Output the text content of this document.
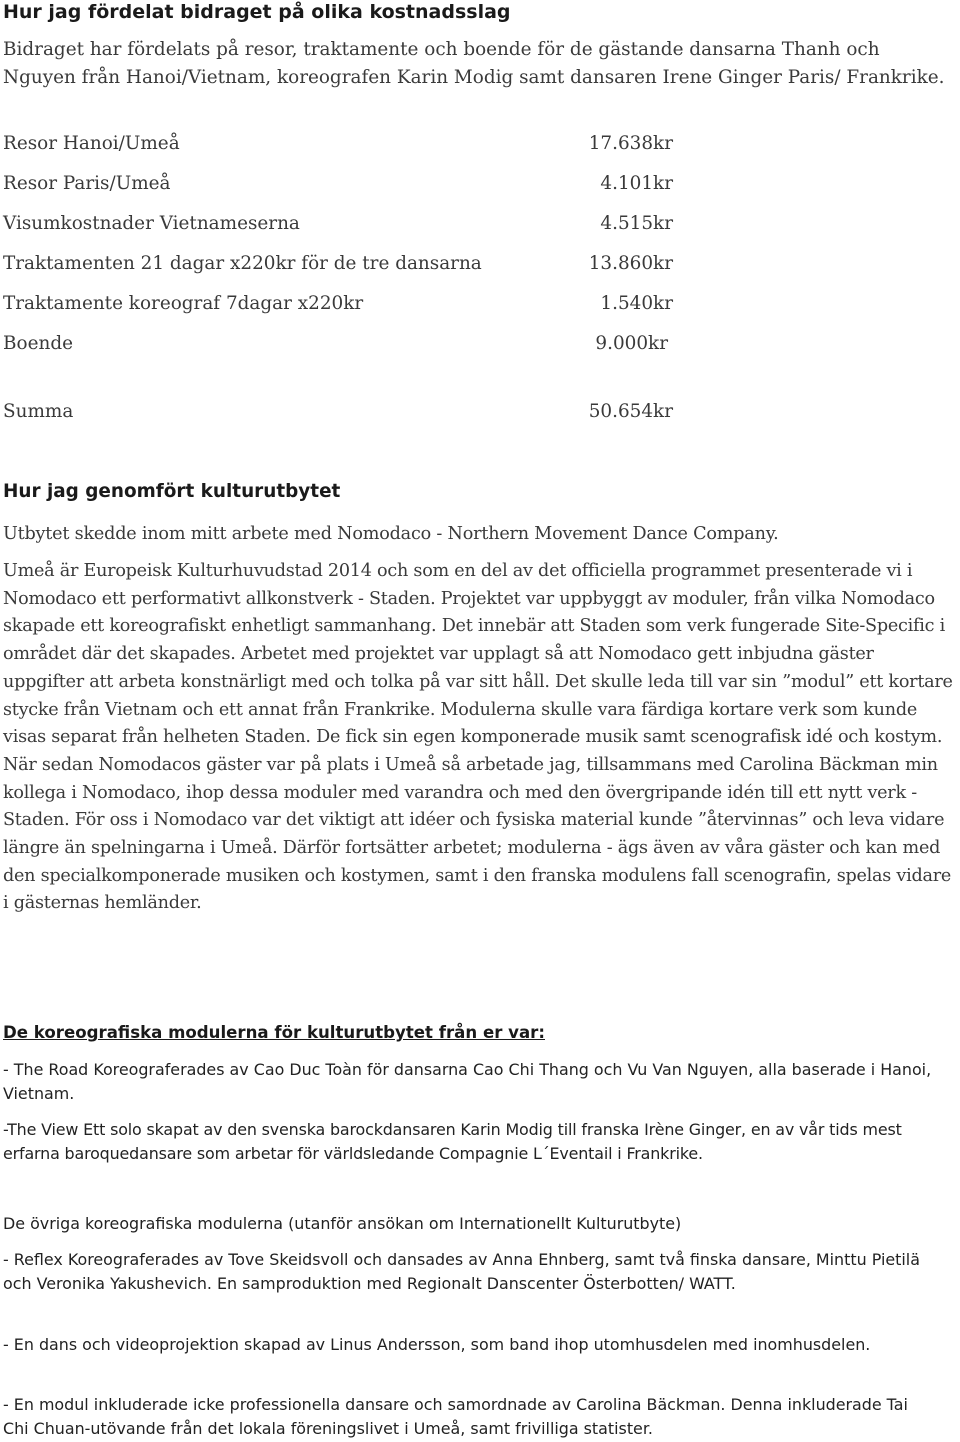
Hur jag fördelat bidraget på olika kostnadsslag

Bidraget har fördelats på resor, traktamente och boende för de gästande dansarna Thanh och Nguyen från Hanoi/Vietnam, koreografen Karin Modig samt dansaren Irene Ginger Paris/ Frankrike.

Resor Hanoi/Umeå	17.638kr

Resor Paris/Umeå	4.101kr

Visumkostnader Vietnameserna	4.515kr

Traktamenten 21 dagar x220kr för de tre dansarna	13.860kr

Traktamente koreograf 7dagar x220kr	1.540kr

Boende	9.000kr

Summa	50.654kr

Hur jag genomfört kulturutbytet

Utbytet skedde inom mitt arbete med Nomodaco - Northern Movement Dance Company.

Umeå är Europeisk Kulturhuvudstad 2014 och som en del av det officiella programmet presenterade vi i Nomodaco ett performativt allkonstverk - Staden. Projektet var uppbyggt av moduler, från vilka Nomodaco skapade ett koreografiskt enhetligt sammanhang. Det innebär att Staden som verk fungerade Site-Specific i området där det skapades. Arbetet med projektet var upplagt så att Nomodaco gett inbjudna gäster uppgifter att arbeta konstnärligt med och tolka på var sitt håll. Det skulle leda till var sin ”modul” ett kortare stycke från Vietnam och ett annat från Frankrike. Modulerna skulle vara färdiga kortare verk som kunde visas separat från helheten Staden. De fick sin egen komponerade musik samt scenografisk idé och kostym. När sedan Nomodacos gäster var på plats i Umeå så arbetade jag, tillsammans med Carolina Bäckman min kollega i Nomodaco, ihop dessa moduler med varandra och med den övergripande idén till ett nytt verk - Staden. För oss i Nomodaco var det viktigt att idéer och fysiska material kunde ”återvinnas” och leva vidare längre än spelningarna i Umeå. Därför fortsätter arbetet; modulerna - ägs även av våra gäster och kan med den specialkomponerade musiken och kostymen, samt i den franska modulens fall scenografin, spelas vidare i gästernas hemländer.

De koreografiska modulerna för kulturutbytet från er var:

- The Road Koreograferades av Cao Duc Toàn för dansarna Cao Chi Thang och Vu Van Nguyen, alla baserade i Hanoi, Vietnam.

-The View Ett solo skapat av den svenska barockdansaren Karin Modig till franska Irène Ginger, en av vår tids mest erfarna baroquedansare som arbetar för världsledande Compagnie L´Eventail i Frankrike.

De övriga koreografiska modulerna (utanför ansökan om Internationellt Kulturutbyte)

- Reflex Koreograferades av Tove Skeidsvoll och dansades av Anna Ehnberg, samt två finska dansare, Minttu Pietilä och Veronika Yakushevich. En samproduktion med Regionalt Danscenter Österbotten/ WATT.

- En dans och videoprojektion skapad av Linus Andersson, som band ihop utomhusdelen med inomhusdelen.

- En modul inkluderade icke professionella dansare och samordnade av Carolina Bäckman. Denna inkluderade Tai Chi Chuan-utövande från det lokala föreningslivet i Umeå, samt frivilliga statister.
